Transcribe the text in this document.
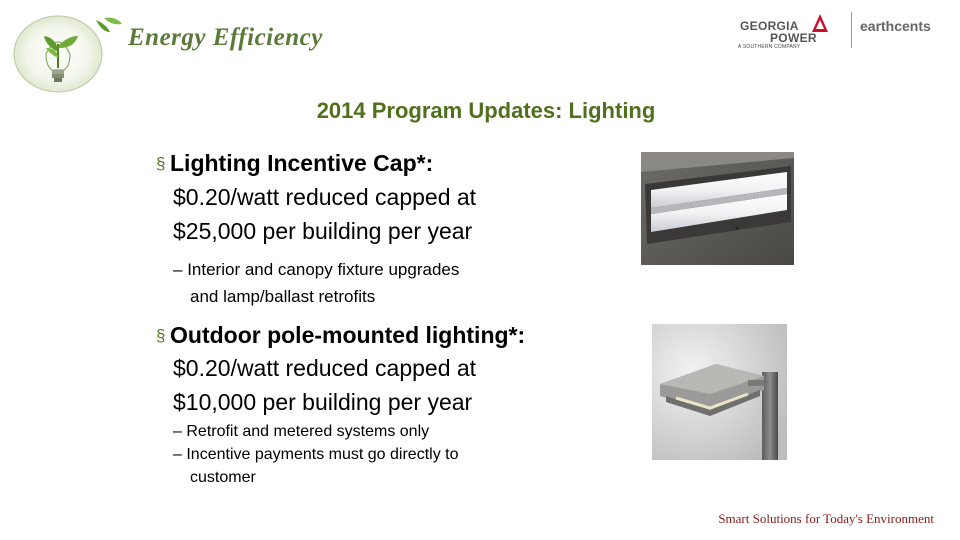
Energy Efficiency	GEORGIA
POWER
A SOUTHERN COMPANY
earthcents
2014 Program Updates: Lighting
§ Lighting Incentive Cap*:
$0.20/watt reduced capped at
$25,000 per building per year
– Interior and canopy fixture upgrades
and lamp/ballast retrofits
§ Outdoor pole-mounted lighting*:
$0.20/watt reduced capped at
$10,000 per building per year
– Retrofit and metered systems only
– Incentive payments must go directly to
customer
Smart Solutions for Today's Environment
